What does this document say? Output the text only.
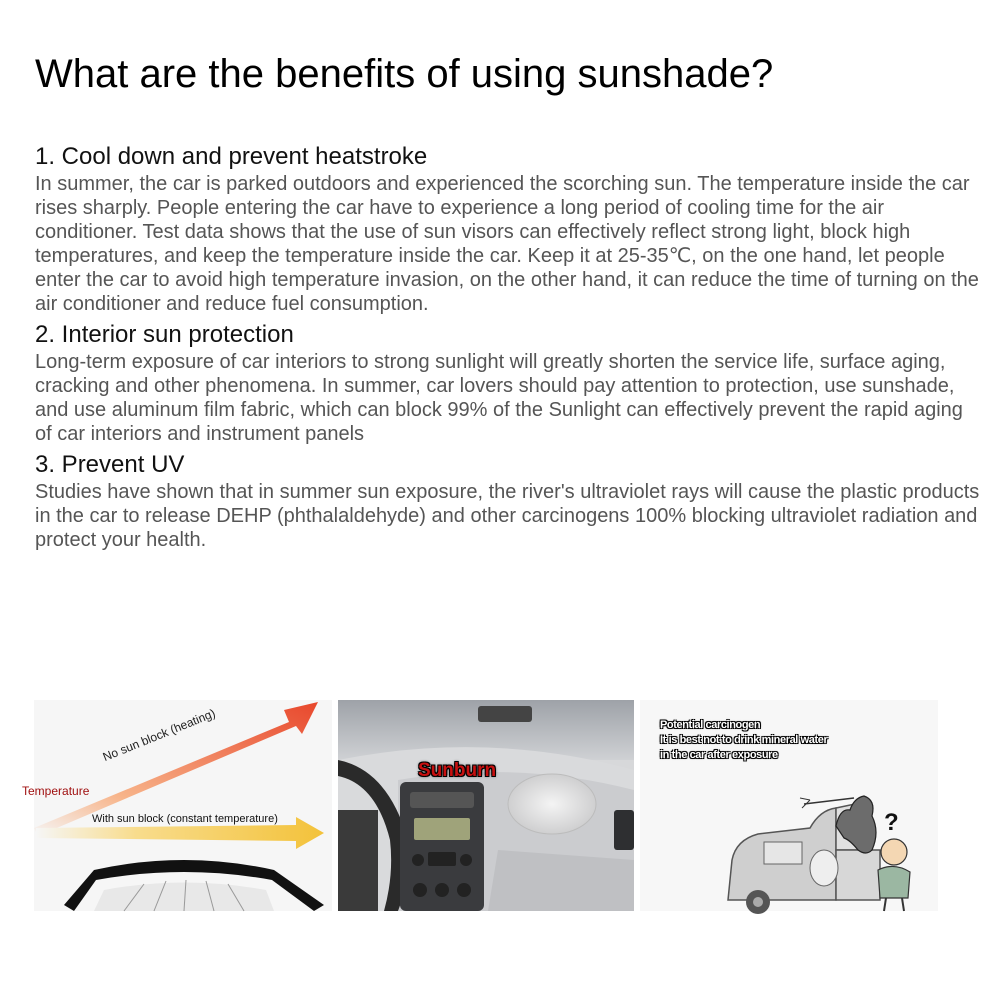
What are the benefits of using sunshade?
1. Cool down and prevent heatstroke

In summer, the car is parked outdoors and experienced the scorching sun. The temperature inside the car rises sharply. People entering the car have to experience a long period of cooling time for the air conditioner. Test data shows that the use of sun visors can effectively reflect strong light, block high temperatures, and keep the temperature inside the car. Keep it at 25-35℃, on the one hand, let people enter the car to avoid high temperature invasion, on the other hand, it can reduce the time of turning on the air conditioner and reduce fuel consumption.

2. Interior sun protection

Long-term exposure of car interiors to strong sunlight will greatly shorten the service life, surface aging, cracking and other phenomena. In summer, car lovers should pay attention to protection, use sunshade, and use aluminum film fabric, which can block 99% of the Sunlight can effectively prevent the rapid aging of car interiors and instrument panels

3. Prevent UV

Studies have shown that in summer sun exposure, the river's ultraviolet rays will cause the plastic products in the car to release DEHP (phthalaldehyde) and other carcinogens 100% blocking ultraviolet radiation and protect your health.

No sun block (heating)
Temperature
With sun block (constant temperature)
Sunburn
?
Potential carcinogen
It is best not to drink mineral water
in the car after exposure
